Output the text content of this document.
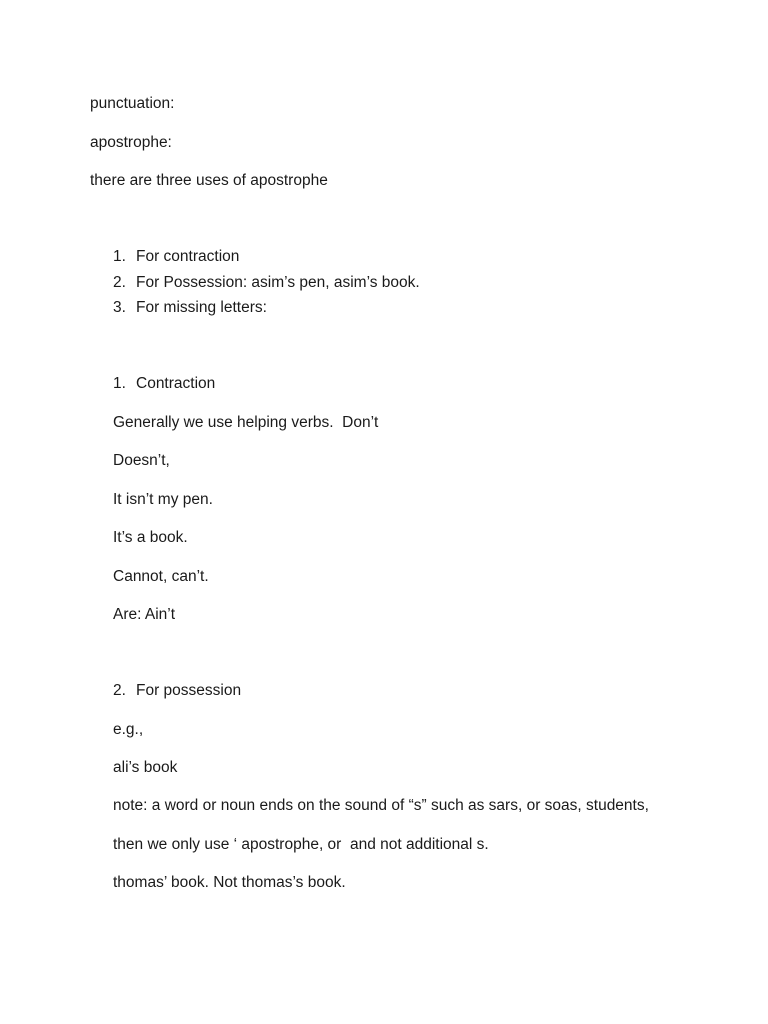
punctuation:
apostrophe:
there are three uses of apostrophe
1. For contraction
2. For Possession: asim’s pen, asim’s book.
3. For missing letters:
1. Contraction
Generally we use helping verbs.  Don’t
Doesn’t,
It isn’t my pen.
It’s a book.
Cannot, can’t.
Are: Ain’t
2. For possession
e.g.,
ali’s book
note: a word or noun ends on the sound of “s” such as sars, or soas, students,
then we only use ‘ apostrophe, or  and not additional s.
thomas’ book. Not thomas’s book.
